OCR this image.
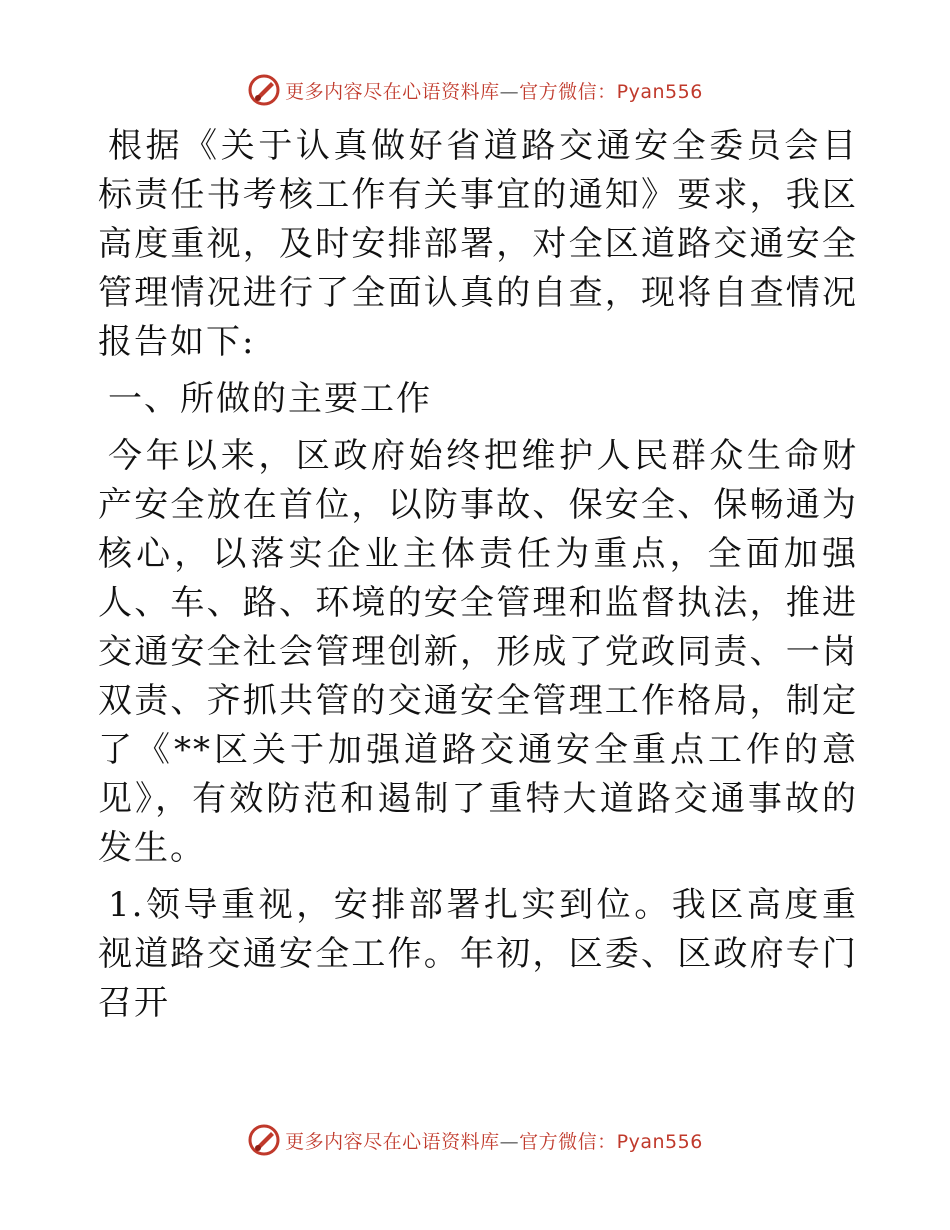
更多内容尽在心语资料库—官方微信：Pyan556

根据《关于认真做好省道路交通安全委员会目标责任书考核工作有关事宜的通知》要求，我区高度重视，及时安排部署，对全区道路交通安全管理情况进行了全面认真的自查，现将自查情况报告如下:

一、所做的主要工作

今年以来，区政府始终把维护人民群众生命财产安全放在首位，以防事故、保安全、保畅通为核心，以落实企业主体责任为重点，全面加强人、车、路、环境的安全管理和监督执法，推进交通安全社会管理创新，形成了党政同责、一岗双责、齐抓共管的交通安全管理工作格局，制定了《**区关于加强道路交通安全重点工作的意见》，有效防范和遏制了重特大道路交通事故的发生。

1.领导重视，安排部署扎实到位。我区高度重视道路交通安全工作。年初，区委、区政府专门召开

更多内容尽在心语资料库—官方微信：Pyan556
